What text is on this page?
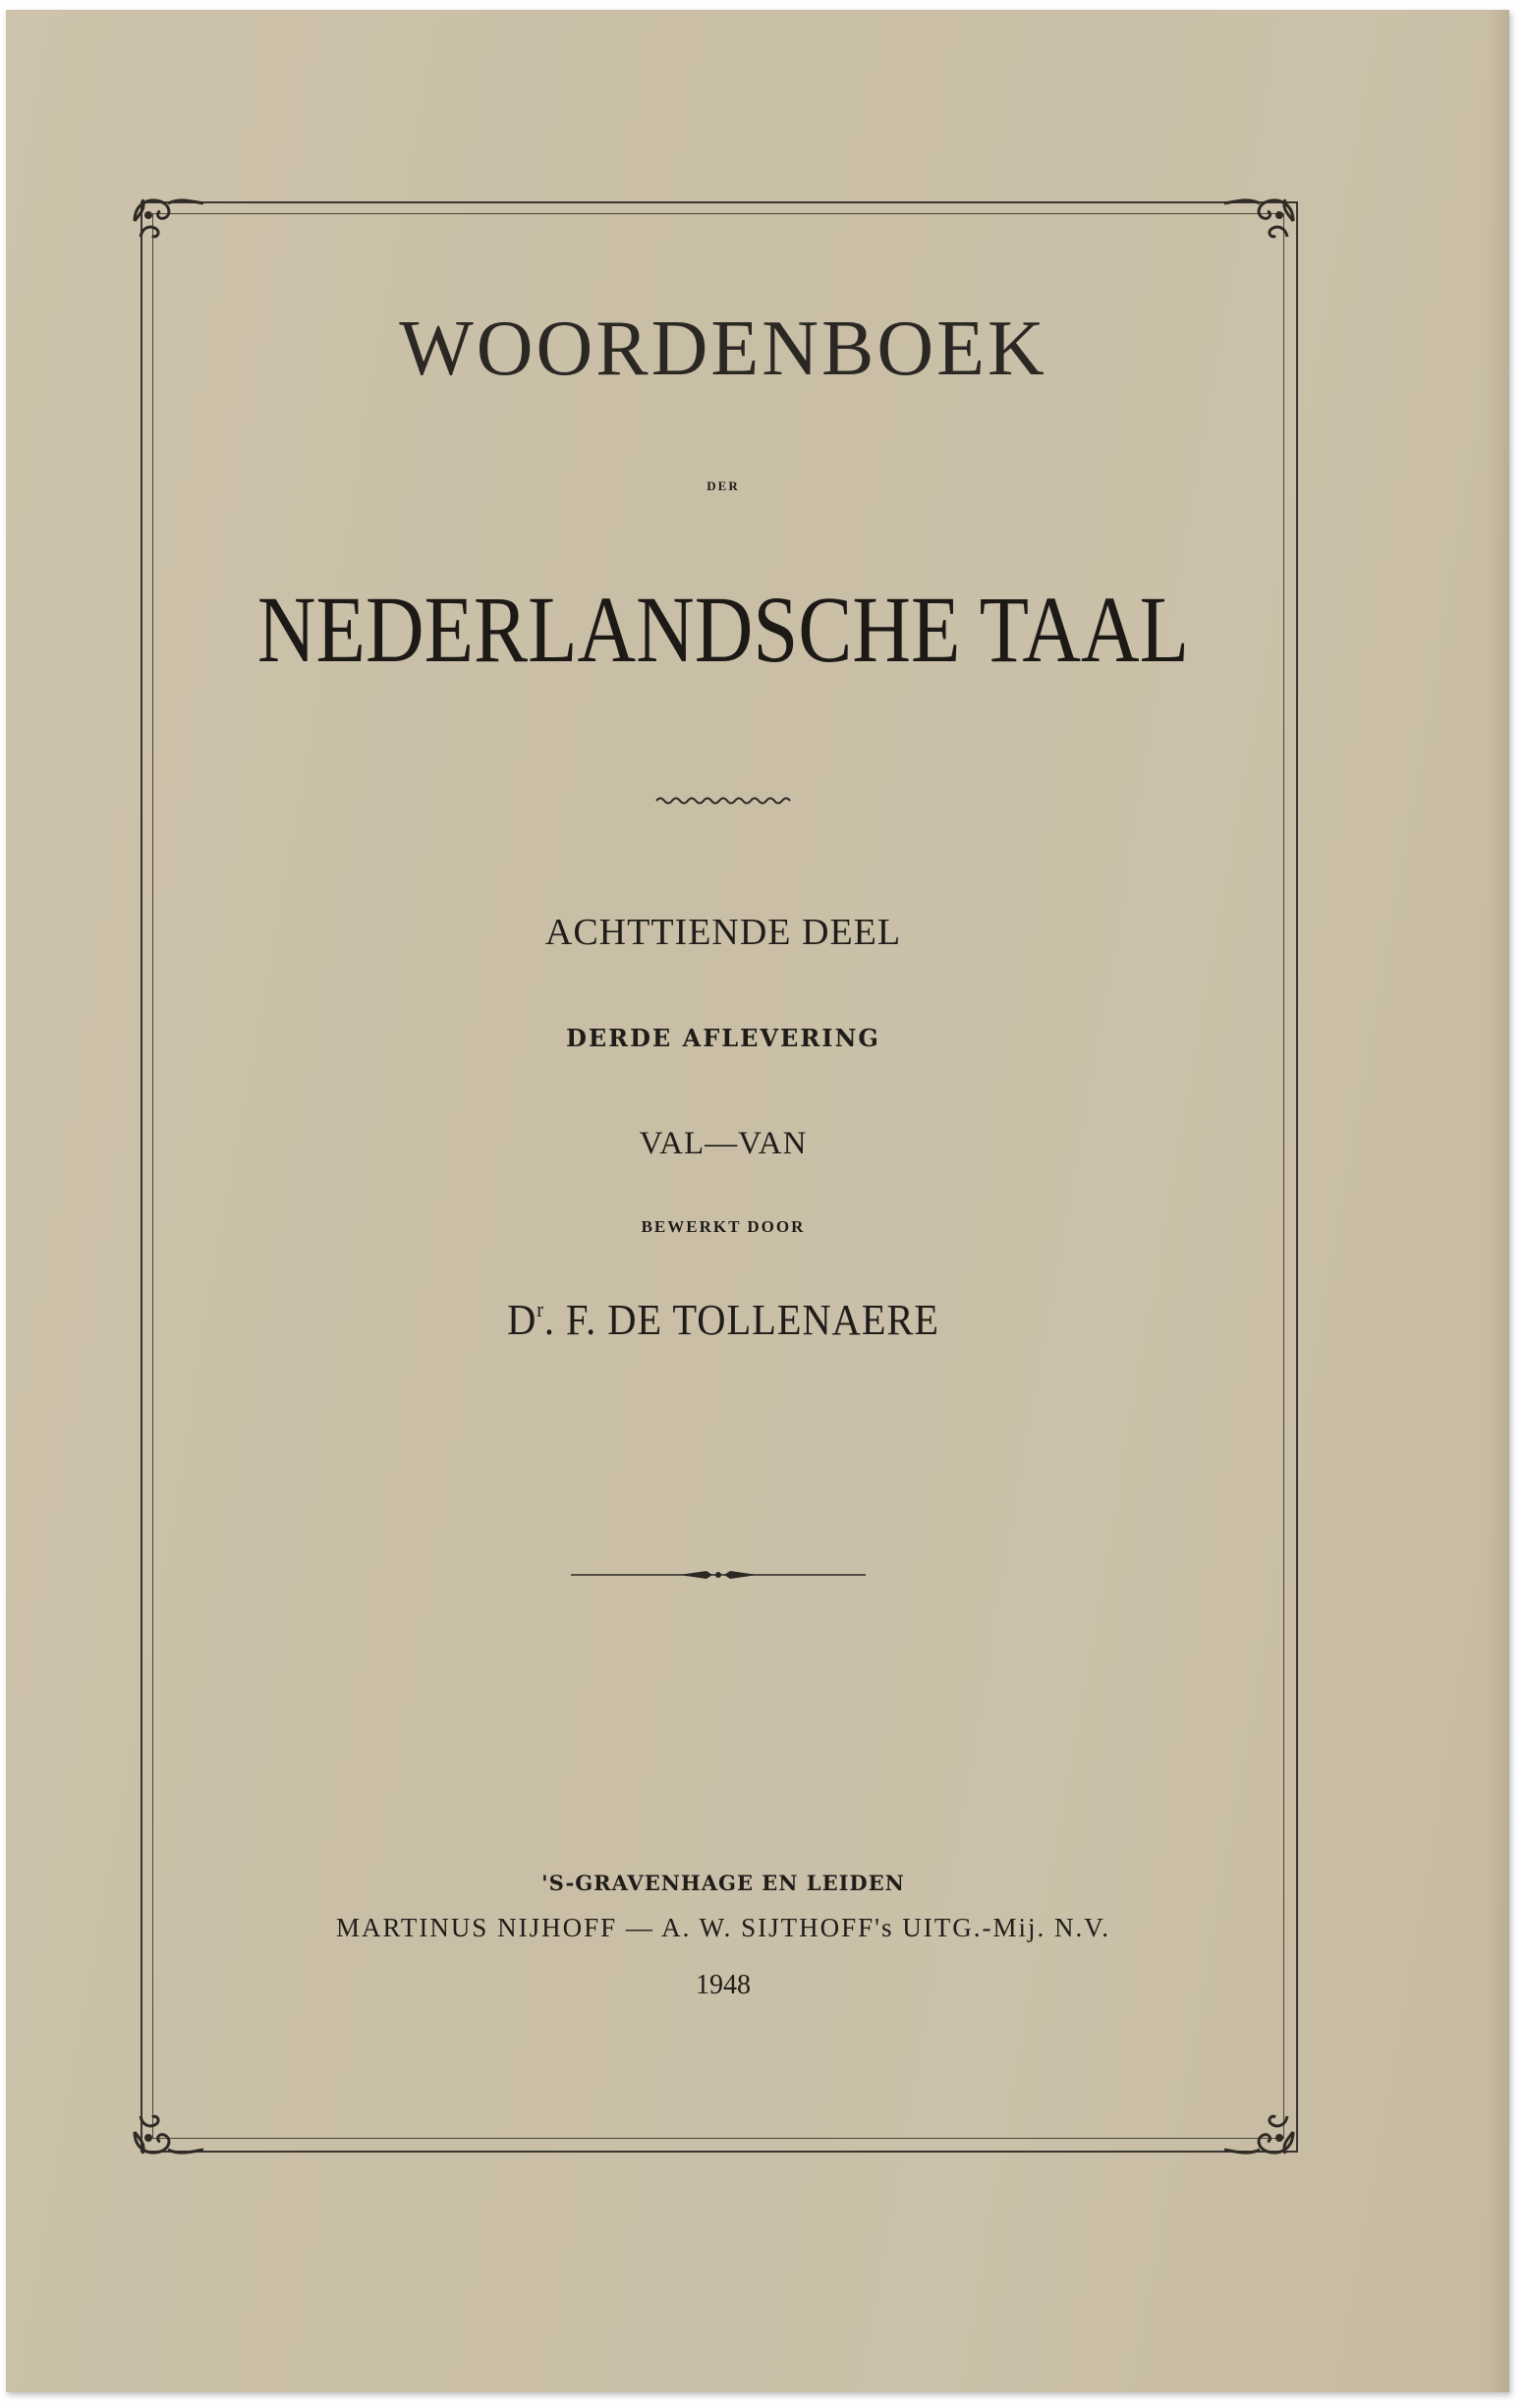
WOORDENBOEK
DER
NEDERLANDSCHE TAAL
ACHTTIENDE DEEL
DERDE AFLEVERING
VAL—VAN
BEWERKT DOOR
$D^r$. F. DE TOLLENAERE
'S-GRAVENHAGE EN LEIDEN
MARTINUS NIJHOFF — A. W. SIJTHOFF's UITG.-Mij. N.V.
1948
